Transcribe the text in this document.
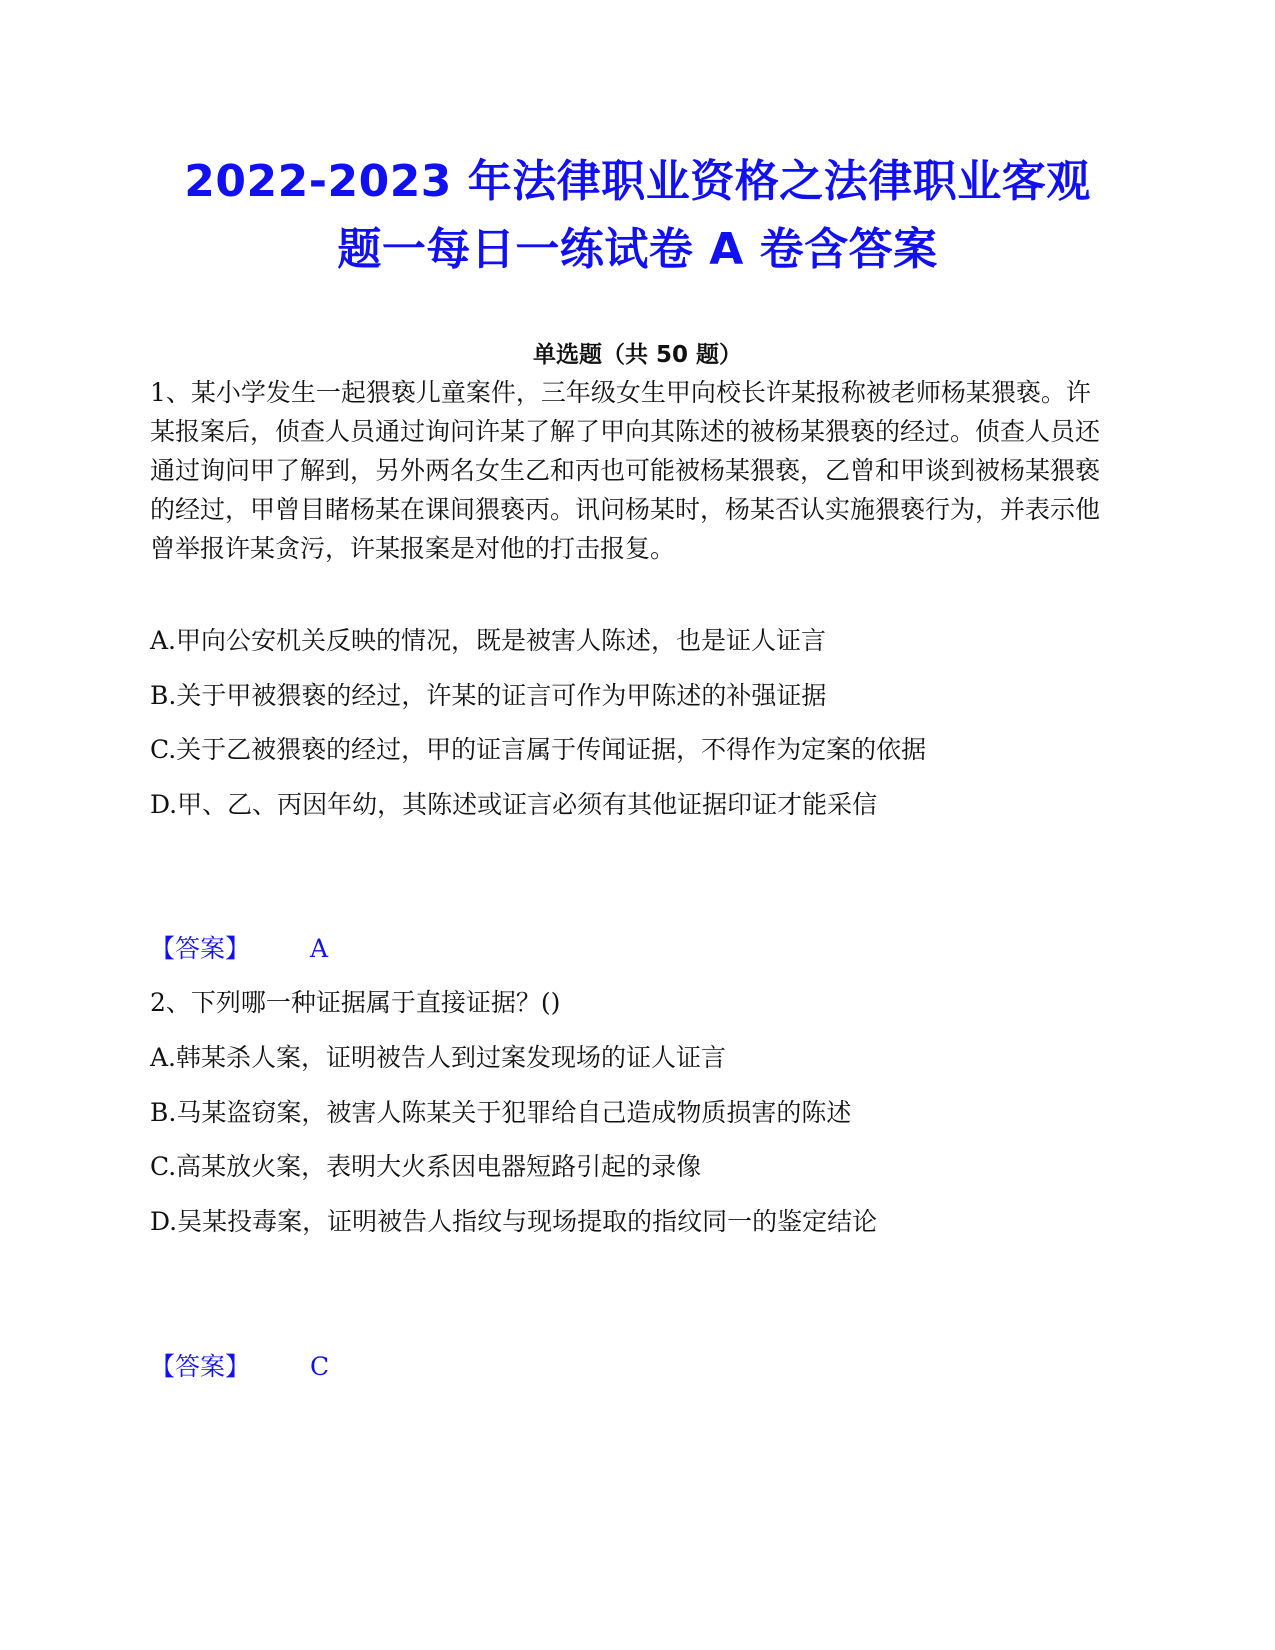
2022-2023 年法律职业资格之法律职业客观
题一每日一练试卷 A 卷含答案
单选题（共 50 题）
1、某小学发生一起猥亵儿童案件，三年级女生甲向校长许某报称被老师杨某猥亵。许某报案后，侦查人员通过询问许某了解了甲向其陈述的被杨某猥亵的经过。侦查人员还通过询问甲了解到，另外两名女生乙和丙也可能被杨某猥亵，乙曾和甲谈到被杨某猥亵的经过，甲曾目睹杨某在课间猥亵丙。讯问杨某时，杨某否认实施猥亵行为，并表示他曾举报许某贪污，许某报案是对他的打击报复。
A.甲向公安机关反映的情况，既是被害人陈述，也是证人证言
B.关于甲被猥亵的经过，许某的证言可作为甲陈述的补强证据
C.关于乙被猥亵的经过，甲的证言属于传闻证据，不得作为定案的依据
D.甲、乙、丙因年幼，其陈述或证言必须有其他证据印证才能采信
【答案】 A
2、下列哪一种证据属于直接证据？()
A.韩某杀人案，证明被告人到过案发现场的证人证言
B.马某盗窃案，被害人陈某关于犯罪给自己造成物质损害的陈述
C.高某放火案，表明大火系因电器短路引起的录像
D.吴某投毒案，证明被告人指纹与现场提取的指纹同一的鉴定结论
【答案】 C
